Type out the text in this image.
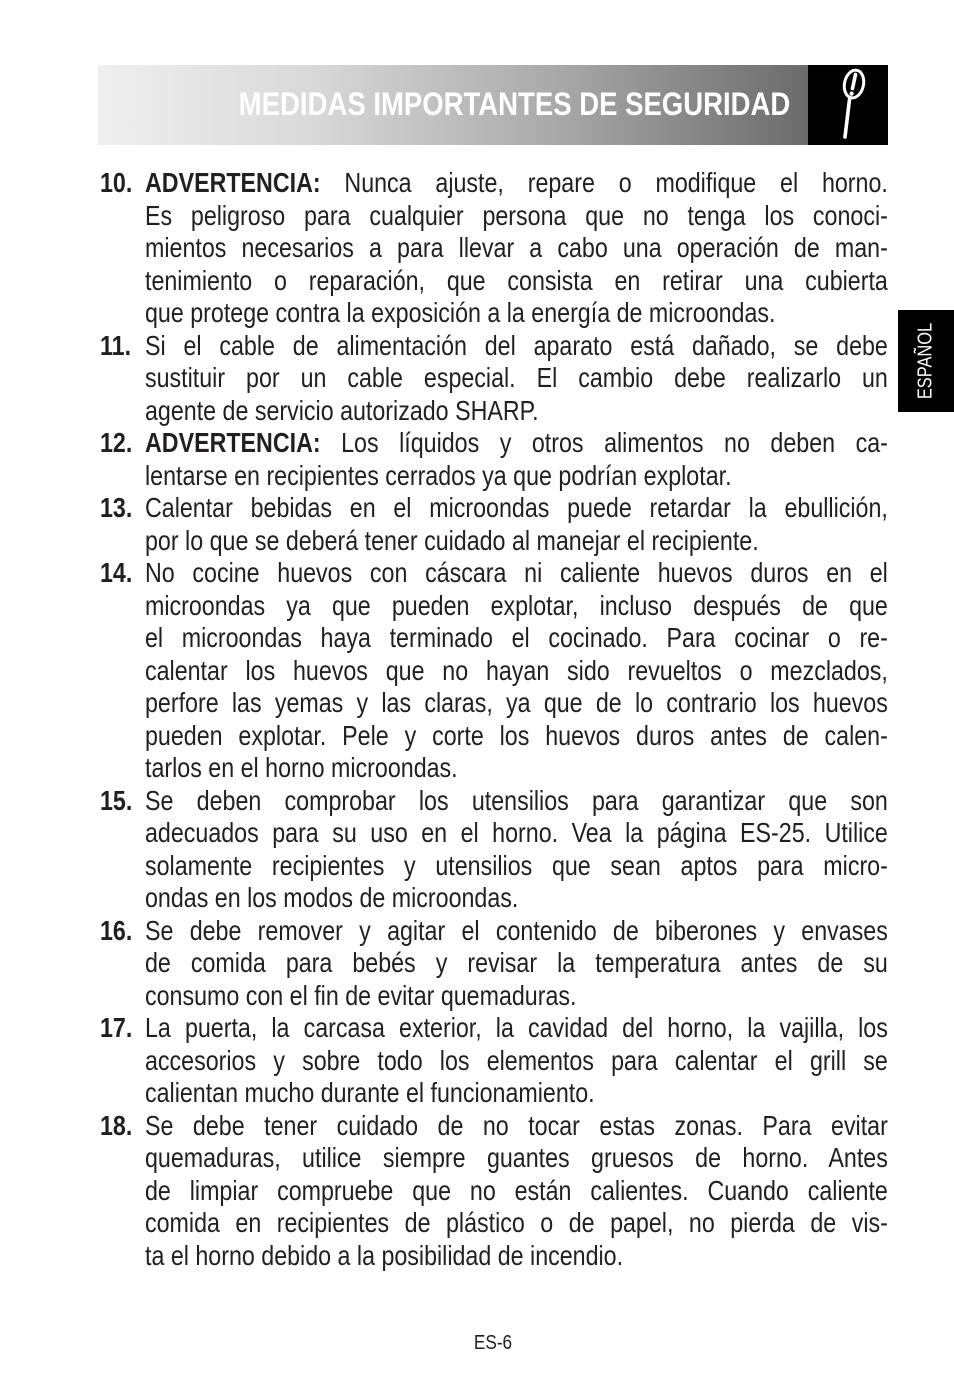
MEDIDAS IMPORTANTES DE SEGURIDAD
ESPAÑOL
10. ADVERTENCIA: Nunca ajuste, repare o modifique el horno.
Es peligroso para cualquier persona que no tenga los conoci-
mientos necesarios a para llevar a cabo una operación de man-
tenimiento o reparación, que consista en retirar una cubierta
que protege contra la exposición a la energía de microondas.
11. Si el cable de alimentación del aparato está dañado, se debe
sustituir por un cable especial. El cambio debe realizarlo un
agente de servicio autorizado SHARP.
12. ADVERTENCIA: Los líquidos y otros alimentos no deben ca-
lentarse en recipientes cerrados ya que podrían explotar.
13. Calentar bebidas en el microondas puede retardar la ebullición,
por lo que se deberá tener cuidado al manejar el recipiente.
14. No cocine huevos con cáscara ni caliente huevos duros en el
microondas ya que pueden explotar, incluso después de que
el microondas haya terminado el cocinado. Para cocinar o re-
calentar los huevos que no hayan sido revueltos o mezclados,
perfore las yemas y las claras, ya que de lo contrario los huevos
pueden explotar. Pele y corte los huevos duros antes de calen-
tarlos en el horno microondas.
15. Se deben comprobar los utensilios para garantizar que son
adecuados para su uso en el horno. Vea la página ES-25. Utilice
solamente recipientes y utensilios que sean aptos para micro-
ondas en los modos de microondas.
16. Se debe remover y agitar el contenido de biberones y envases
de comida para bebés y revisar la temperatura antes de su
consumo con el fin de evitar quemaduras.
17. La puerta, la carcasa exterior, la cavidad del horno, la vajilla, los
accesorios y sobre todo los elementos para calentar el grill se
calientan mucho durante el funcionamiento.
18. Se debe tener cuidado de no tocar estas zonas. Para evitar
quemaduras, utilice siempre guantes gruesos de horno. Antes
de limpiar compruebe que no están calientes. Cuando caliente
comida en recipientes de plástico o de papel, no pierda de vis-
ta el horno debido a la posibilidad de incendio.
ES-6
